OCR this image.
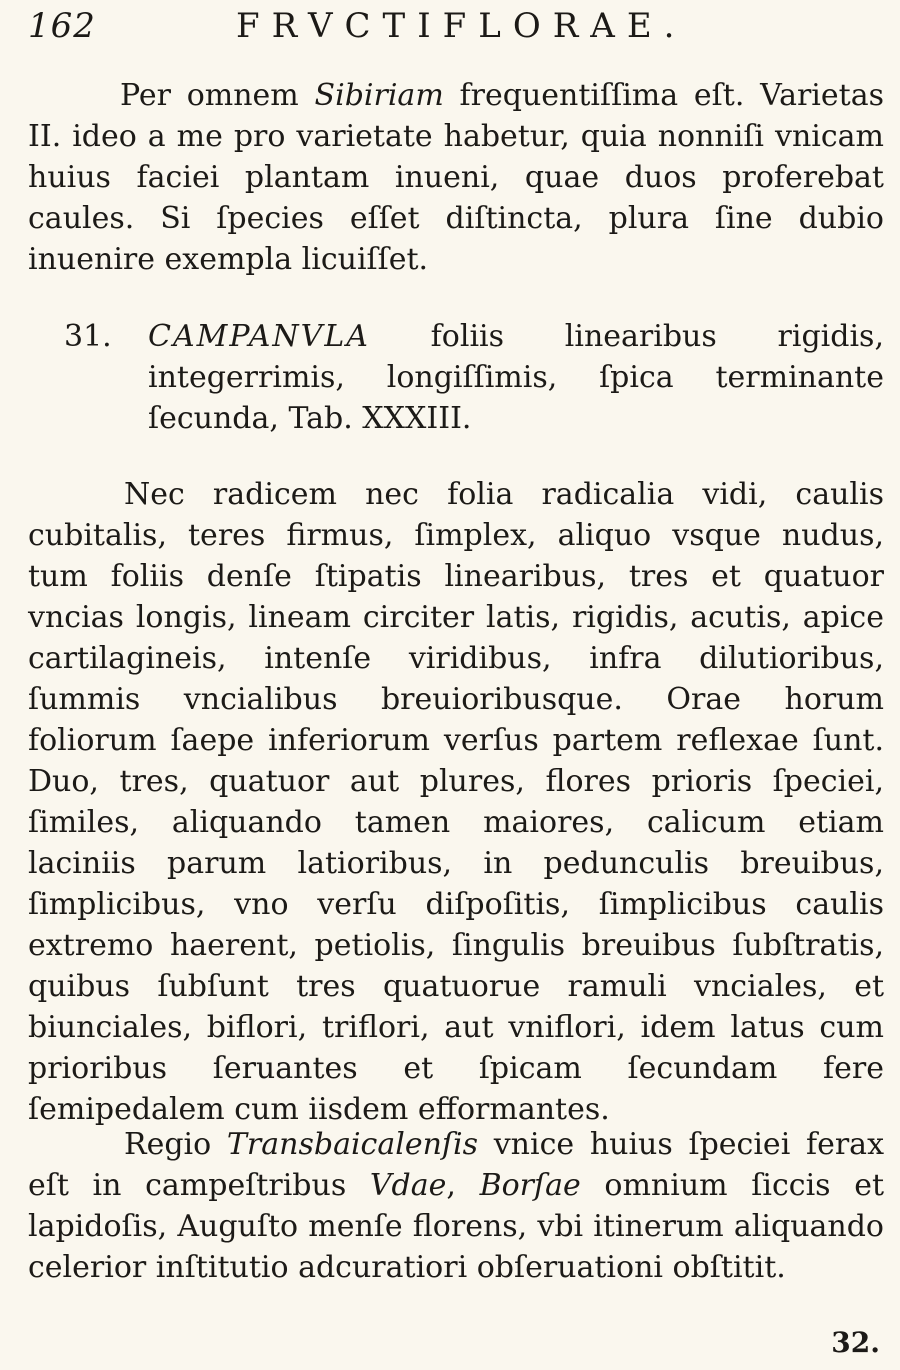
162	FRVCTIFLORAE.

Per omnem Sibiriam frequentiſſima eſt. Varietas II. ideo a me pro varietate habetur, quia nonniſi vnicam huius faciei plantam inueni, quae duos proferebat caules. Si ſpecies eſſet diſtincta, plura ſine dubio inuenire exempla licuiſſet.

31. CAMPANVLA foliis linearibus rigidis, integerrimis, longiſſimis, ſpica terminante ſecunda, Tab. XXXIII.

Nec radicem nec folia radicalia vidi, caulis cubitalis, teres firmus, ſimplex, aliquo vsque nudus, tum foliis denſe ſtipatis linearibus, tres et quatuor vncias longis, lineam circiter latis, rigidis, acutis, apice cartilagineis, intenſe viridibus, infra dilutioribus, ſummis vncialibus breuioribusque. Orae horum foliorum ſaepe inferiorum verſus partem reflexae ſunt. Duo, tres, quatuor aut plures, flores prioris ſpeciei, ſimiles, aliquando tamen maiores, calicum etiam laciniis parum latioribus, in pedunculis breuibus, ſimplicibus, vno verſu diſpoſitis, ſimplicibus caulis extremo haerent, petiolis, ſingulis breuibus ſubſtratis, quibus ſubſunt tres quatuorue ramuli vnciales, et biunciales, biflori, triflori, aut vniflori, idem latus cum prioribus ſeruantes et ſpicam ſecundam fere ſemipedalem cum iisdem efformantes.

Regio Transbaicalenſis vnice huius ſpeciei ferax eſt in campeſtribus Vdae, Borſae omnium ſiccis et lapidoſis, Auguſto menſe florens, vbi itinerum aliquando celerior inſtitutio adcuratiori obſeruationi obſtitit.

32.
